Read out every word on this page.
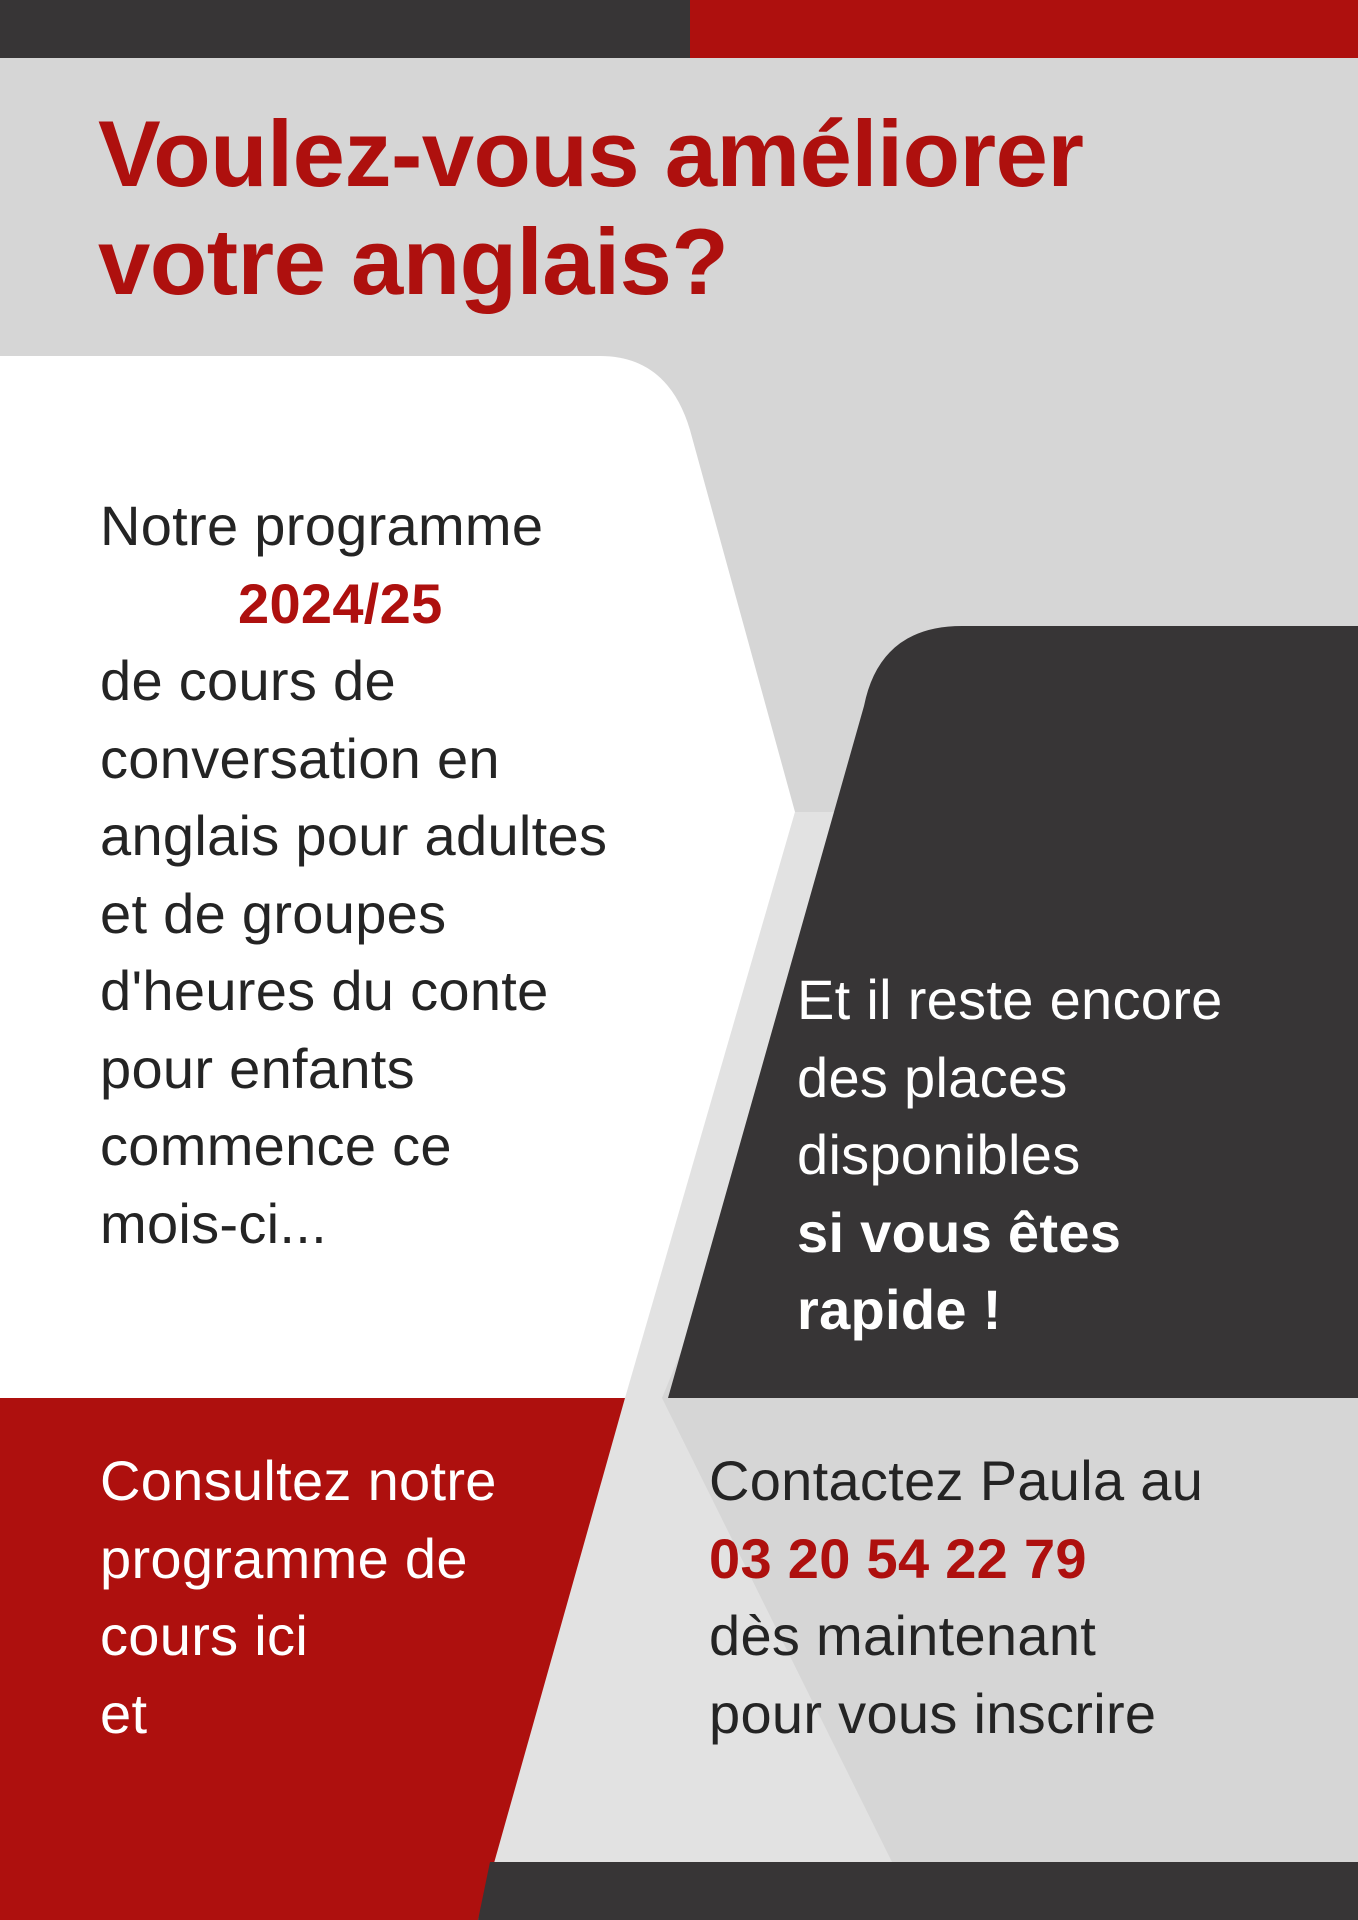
Voulez-vous améliorer
votre anglais?
Notre programme
2024/25
de cours de
conversation en
anglais pour adultes
et de groupes
d'heures du conte
pour enfants
commence ce
mois-ci...
Et il reste encore
des places
disponibles
si vous êtes
rapide !
Consultez notre
programme de
cours ici
et
Contactez Paula au
03 20 54 22 79
dès maintenant
pour vous inscrire
